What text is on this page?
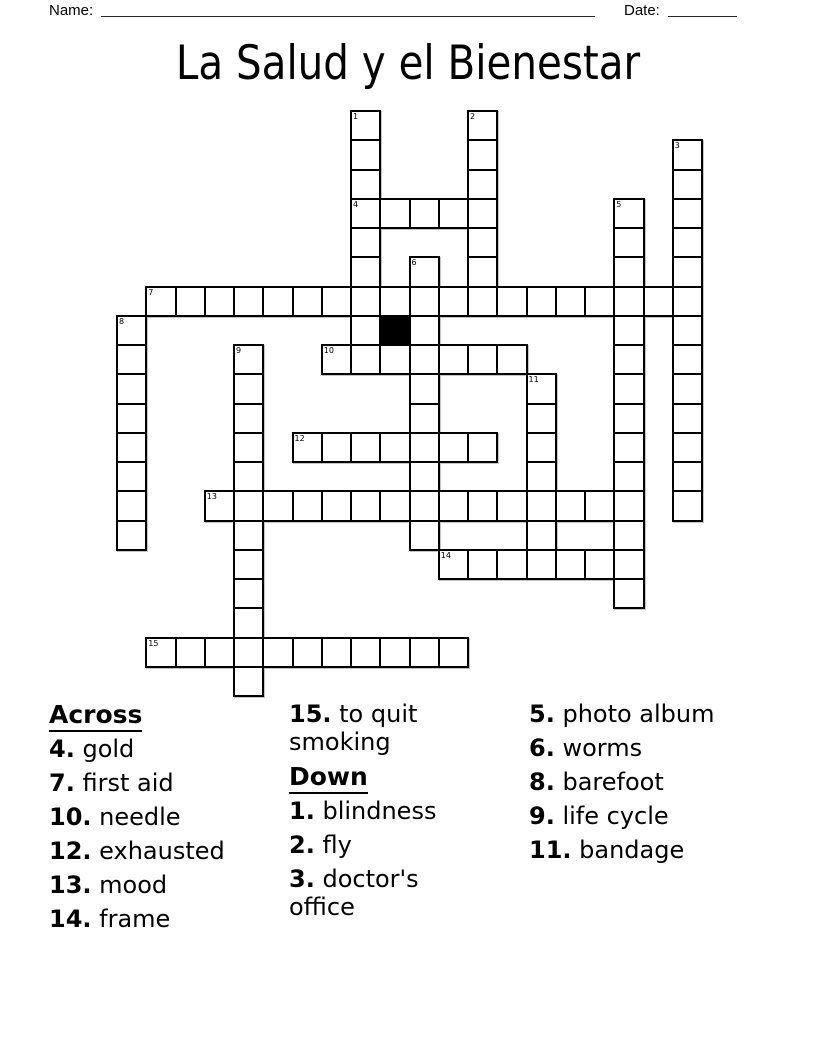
Name:	Date:
La Salud y el Bienestar
1	2
3
4	5
6
7
8
9	10
11
12
13
14
15
Across
4. gold
7. first aid
10. needle
12. exhausted
13. mood
14. frame
15. to quit smoking
Down
1. blindness
2. fly
3. doctor's office
5. photo album
6. worms
8. barefoot
9. life cycle
11. bandage
